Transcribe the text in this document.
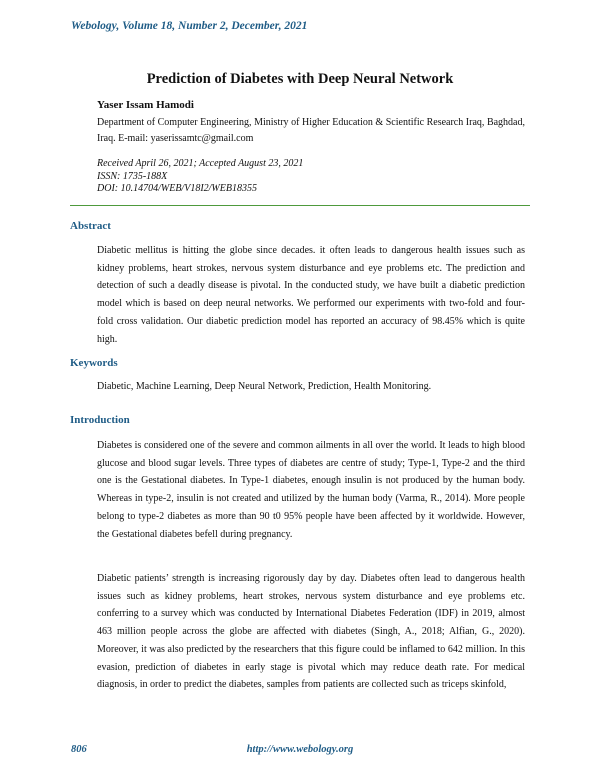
Webology, Volume 18, Number 2, December, 2021
Prediction of Diabetes with Deep Neural Network
Yaser Issam Hamodi
Department of Computer Engineering, Ministry of Higher Education & Scientific Research Iraq, Baghdad, Iraq. E-mail: yaserissamtc@gmail.com
Received April 26, 2021; Accepted August 23, 2021
ISSN: 1735-188X
DOI: 10.14704/WEB/V18I2/WEB18355
Abstract

Diabetic mellitus is hitting the globe since decades. it often leads to dangerous health issues such as kidney problems, heart strokes, nervous system disturbance and eye problems etc. The prediction and detection of such a deadly disease is pivotal. In the conducted study, we have built a diabetic prediction model which is based on deep neural networks. We performed our experiments with two-fold and four-fold cross validation. Our diabetic prediction model has reported an accuracy of 98.45% which is quite high.

Keywords

Diabetic, Machine Learning, Deep Neural Network, Prediction, Health Monitoring.

Introduction

Diabetes is considered one of the severe and common ailments in all over the world. It leads to high blood glucose and blood sugar levels. Three types of diabetes are centre of study; Type-1, Type-2 and the third one is the Gestational diabetes. In Type-1 diabetes, enough insulin is not produced by the human body. Whereas in type-2, insulin is not created and utilized by the human body (Varma, R., 2014). More people belong to type-2 diabetes as more than 90 t0 95% people have been affected by it worldwide. However, the Gestational diabetes befell during pregnancy.

Diabetic patients’ strength is increasing rigorously day by day. Diabetes often lead to dangerous health issues such as kidney problems, heart strokes, nervous system disturbance and eye problems etc. conferring to a survey which was conducted by International Diabetes Federation (IDF) in 2019, almost 463 million people across the globe are affected with diabetes (Singh, A., 2018; Alfian, G., 2020). Moreover, it was also predicted by the researchers that this figure could be inflamed to 642 million. In this evasion, prediction of diabetes in early stage is pivotal which may reduce death rate. For medical diagnosis, in order to predict the diabetes, samples from patients are collected such as triceps skinfold,

806	http://www.webology.org
